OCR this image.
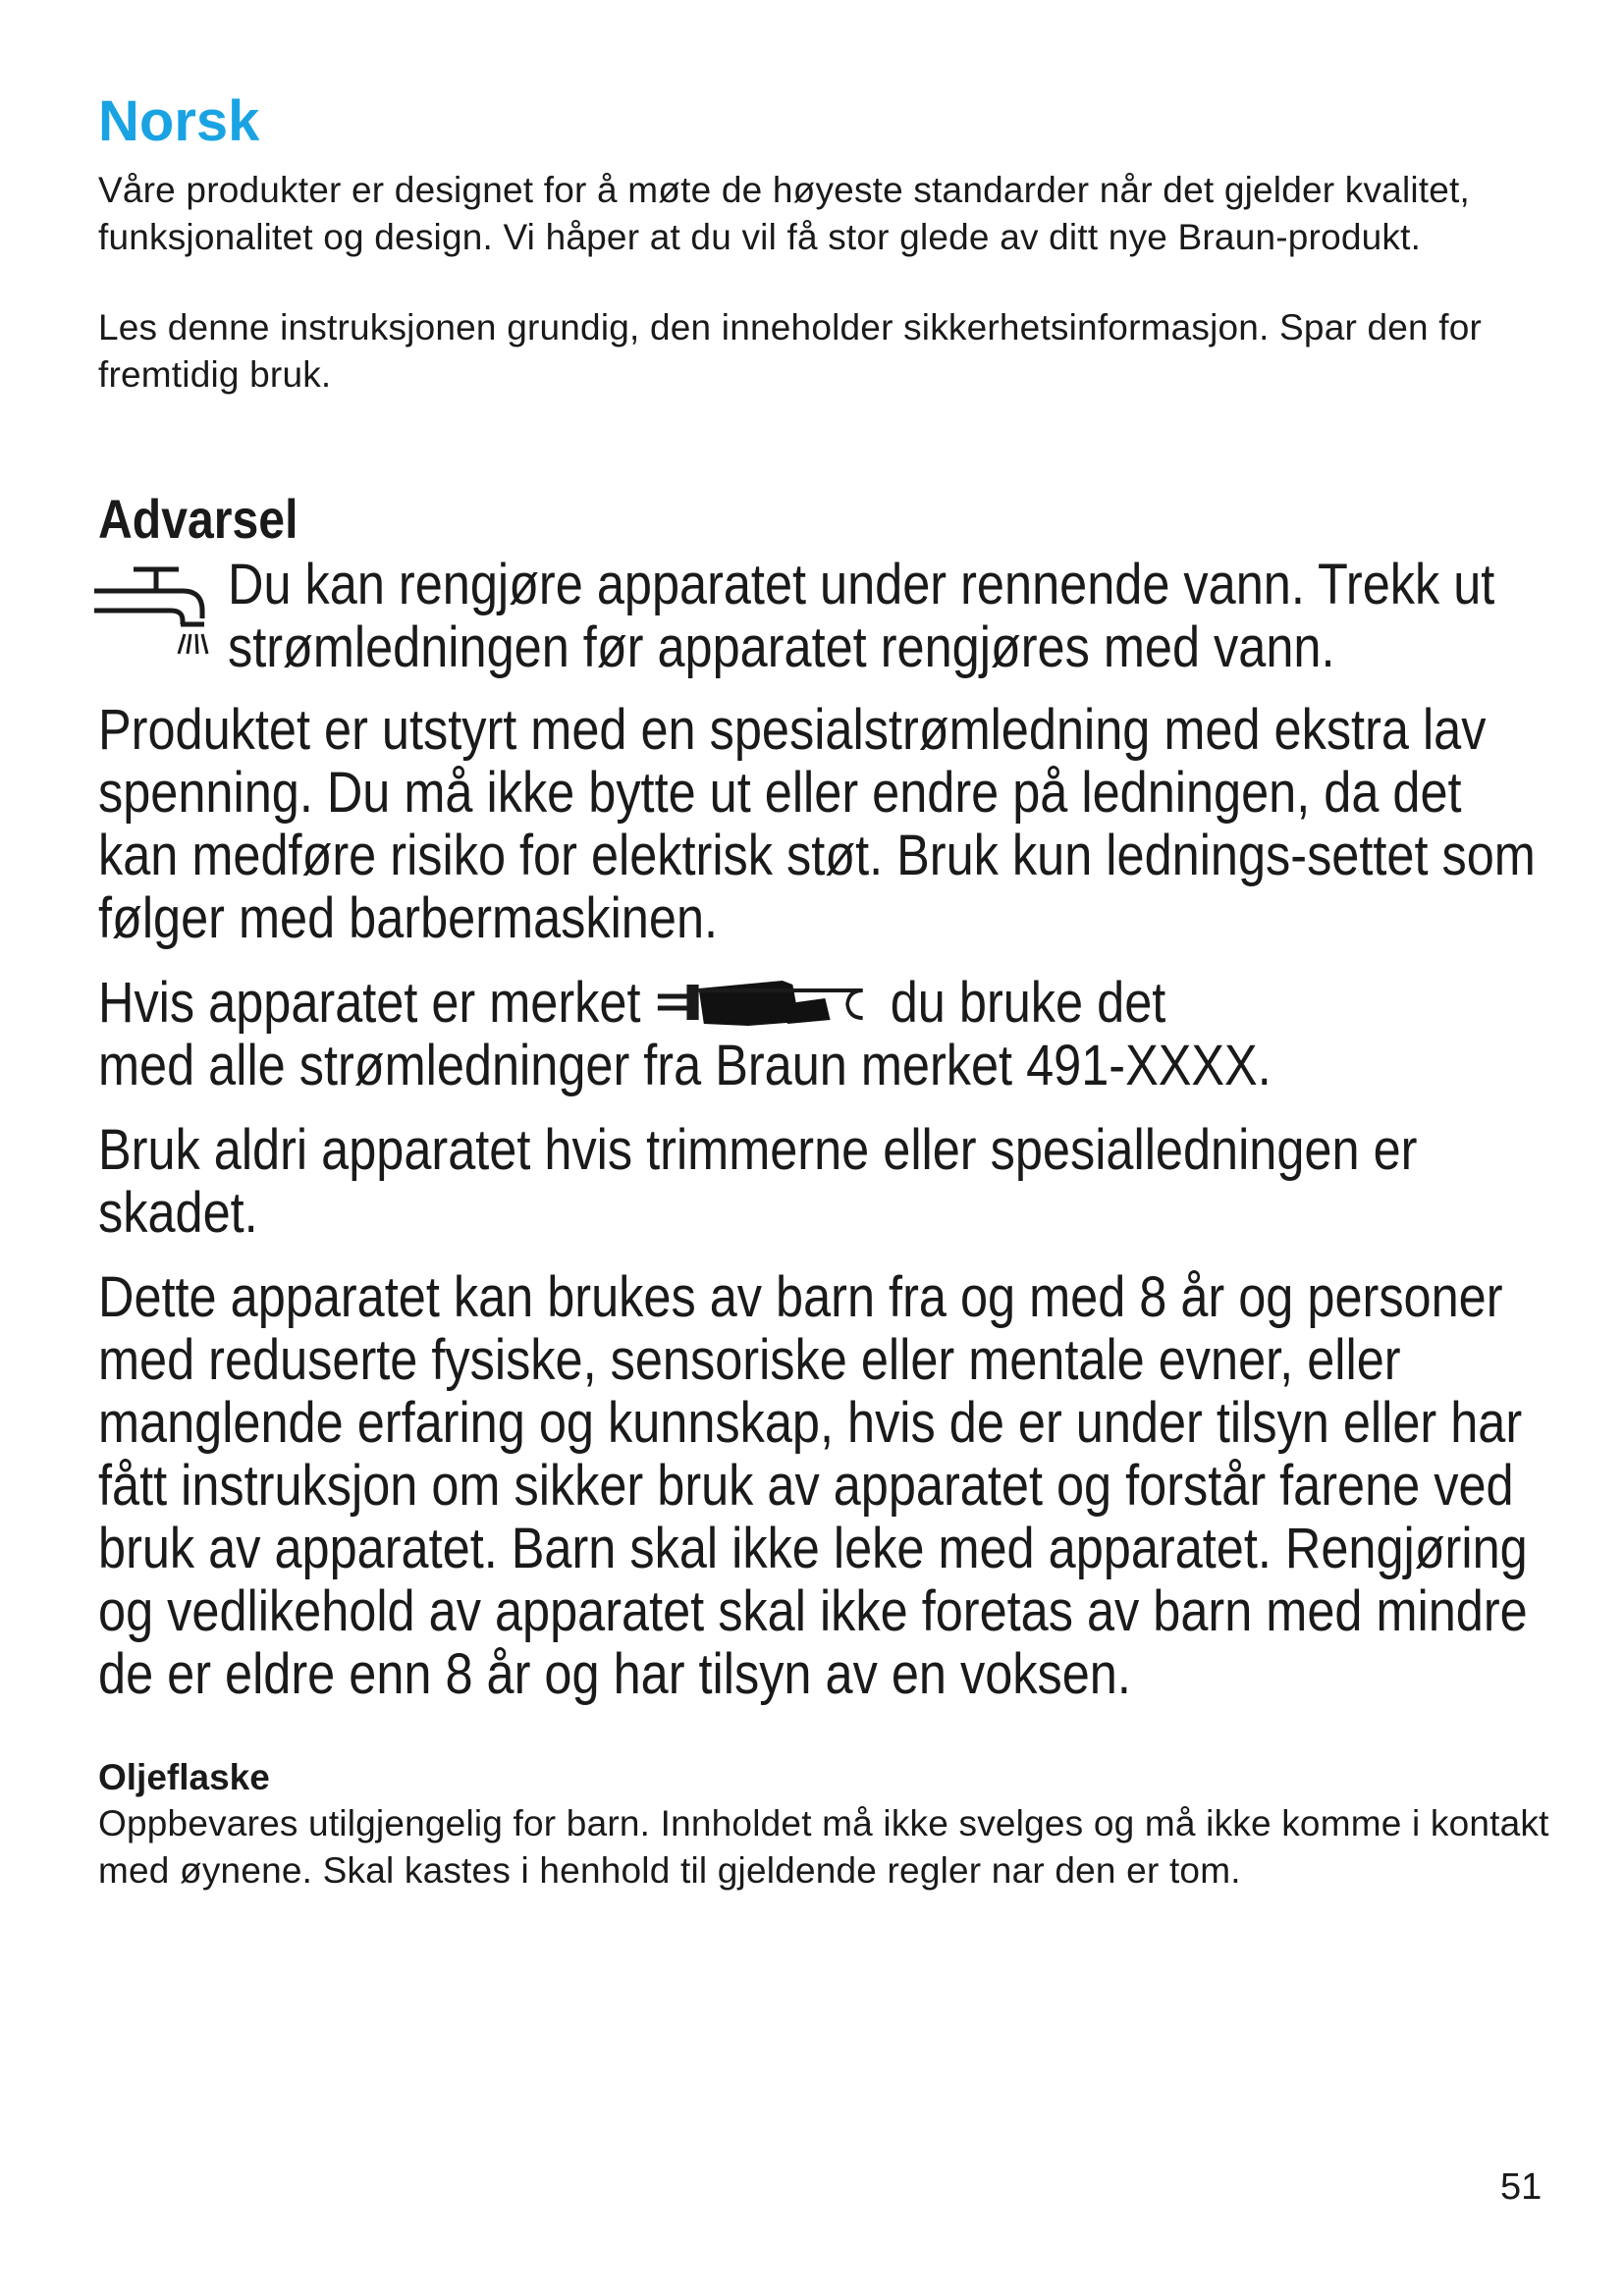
Norsk

Våre produkter er designet for å møte de høyeste standarder når det gjelder kvalitet, funksjonalitet og design. Vi håper at du vil få stor glede av ditt nye Braun-produkt.

Les denne instruksjonen grundig, den inneholder sikkerhetsinformasjon. Spar den for fremtidig bruk.

Advarsel

Du kan rengjøre apparatet under rennende vann. Trekk ut strømledningen før apparatet rengjøres med vann.

Produktet er utstyrt med en spesialstrømledning med ekstra lav spenning. Du må ikke bytte ut eller endre på ledningen, da det kan medføre risiko for elektrisk støt. Bruk kun lednings-settet som følger med barbermaskinen.

Hvis apparatet er merket	du bruke det
med alle strømledninger fra Braun merket 491-XXXX.

Bruk aldri apparatet hvis trimmerne eller spesialledningen er skadet.

Dette apparatet kan brukes av barn fra og med 8 år og personer med reduserte fysiske, sensoriske eller mentale evner, eller manglende erfaring og kunnskap, hvis de er under tilsyn eller har fått instruksjon om sikker bruk av apparatet og forstår farene ved bruk av apparatet. Barn skal ikke leke med apparatet. Rengjøring og vedlikehold av apparatet skal ikke foretas av barn med mindre de er eldre enn 8 år og har tilsyn av en voksen.

Oljeflaske

Oppbevares utilgjengelig for barn. Innholdet må ikke svelges og må ikke komme i kontakt med øynene. Skal kastes i henhold til gjeldende regler nar den er tom.

51
